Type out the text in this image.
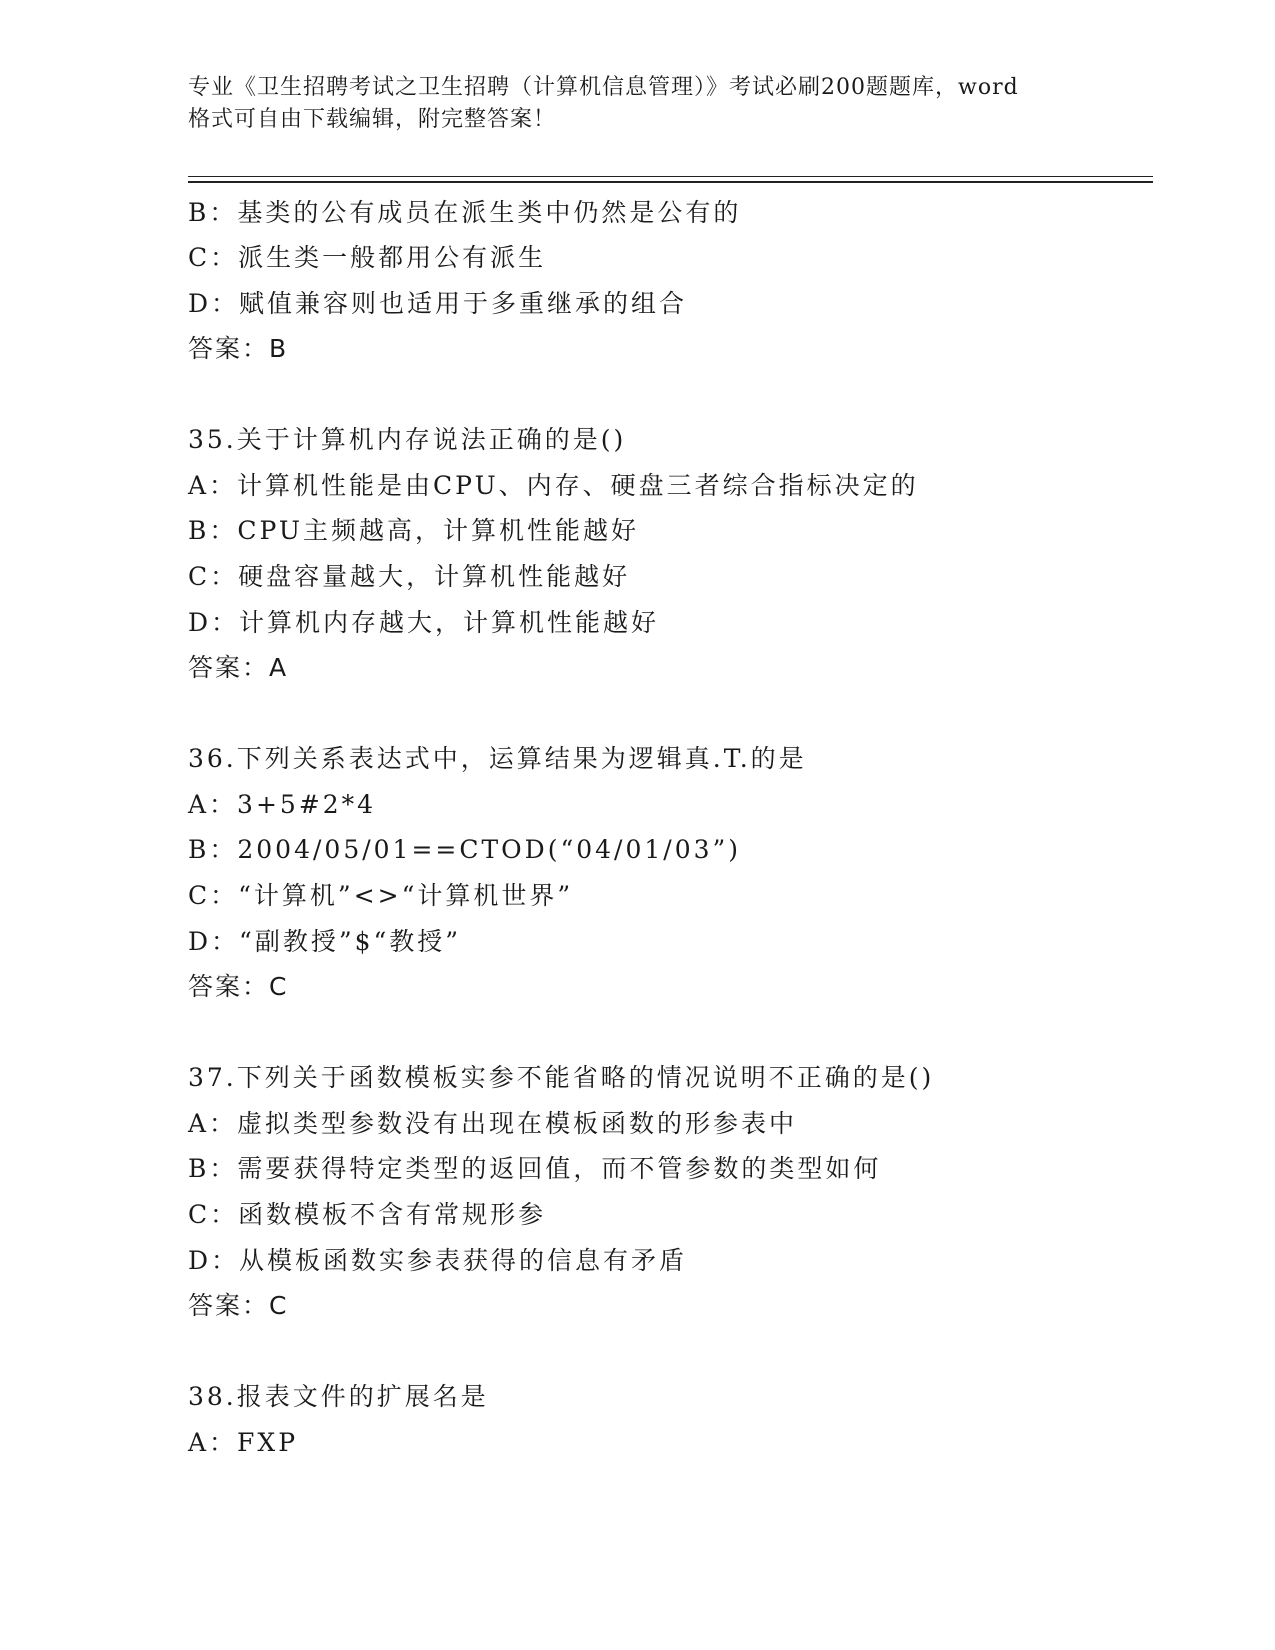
专业《卫生招聘考试之卫生招聘（计算机信息管理）》考试必刷200题题库，word
格式可自由下载编辑，附完整答案！
B：基类的公有成员在派生类中仍然是公有的
C：派生类一般都用公有派生
D：赋值兼容则也适用于多重继承的组合
答案：B
35.关于计算机内存说法正确的是()
A：计算机性能是由CPU、内存、硬盘三者综合指标决定的
B：CPU主频越高，计算机性能越好
C：硬盘容量越大，计算机性能越好
D：计算机内存越大，计算机性能越好
答案：A
36.下列关系表达式中，运算结果为逻辑真.T.的是
A：3+5#2*4
B：2004/05/01==CTOD(“04/01/03”)
C：“计算机”<>“计算机世界”
D：“副教授”$“教授”
答案：C
37.下列关于函数模板实参不能省略的情况说明不正确的是()
A：虚拟类型参数没有出现在模板函数的形参表中
B：需要获得特定类型的返回值，而不管参数的类型如何
C：函数模板不含有常规形参
D：从模板函数实参表获得的信息有矛盾
答案：C
38.报表文件的扩展名是
A：FXP
